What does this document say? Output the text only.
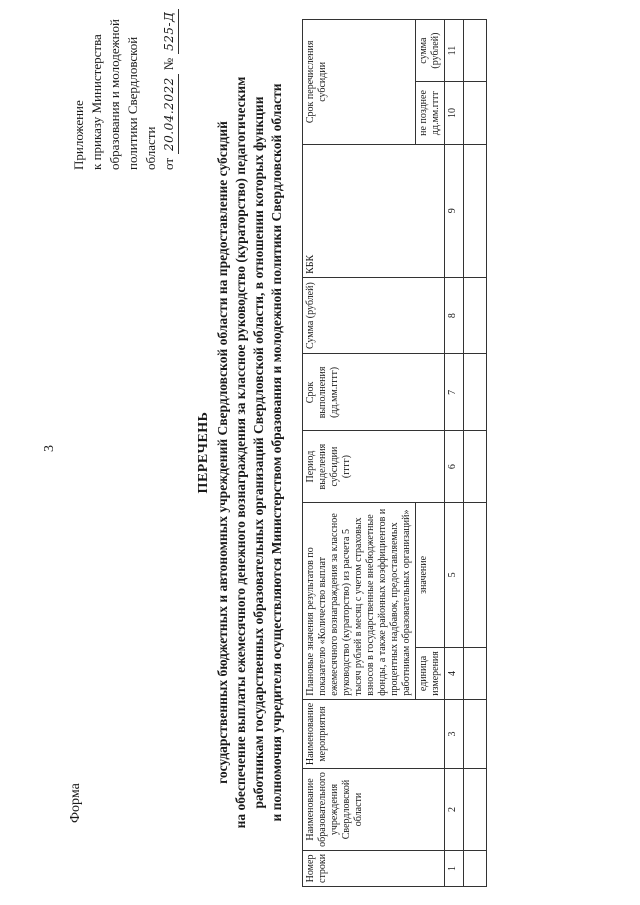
3
Форма
Приложение к приказу Министерства образования и молодежной политики Свердловской области от
20.04.2022
№
525-Д
ПЕРЕЧЕНЬ государственных бюджетных и автономных учреждений Свердловской области на предоставление субсидий на обеспечение выплаты ежемесячного денежного вознаграждения за классное руководство (кураторство) педагогическим работникам государственных образовательных организаций Свердловской области, в отношении которых функции и полномочия учредителя осуществляются Министерством образования и молодежной политики Свердловской области
Номер строки	Наименование образовательного учреждения Свердловской области	Наименование мероприятия	Плановые значения результатов по показателю «Количество выплат ежемесячного вознаграждения за классное руководство (кураторство) из расчета 5 тысяч рублей в месяц с учетом страховых взносов в государственные внебюджетные фонды, а также районных коэффициентов и процентных надбавок, предоставляемых работникам образовательных организаций»		Период выделения субсидии (гггг)	Срок выполнения (дд.мм.гггг)	Сумма (рублей)	КБК	Срок перечисления субсидии	
			единица измерения	значение					не позднее дд.мм.гггг	сумма (рублей)
1	2	3	4	5	6	7	8	9	10	11
